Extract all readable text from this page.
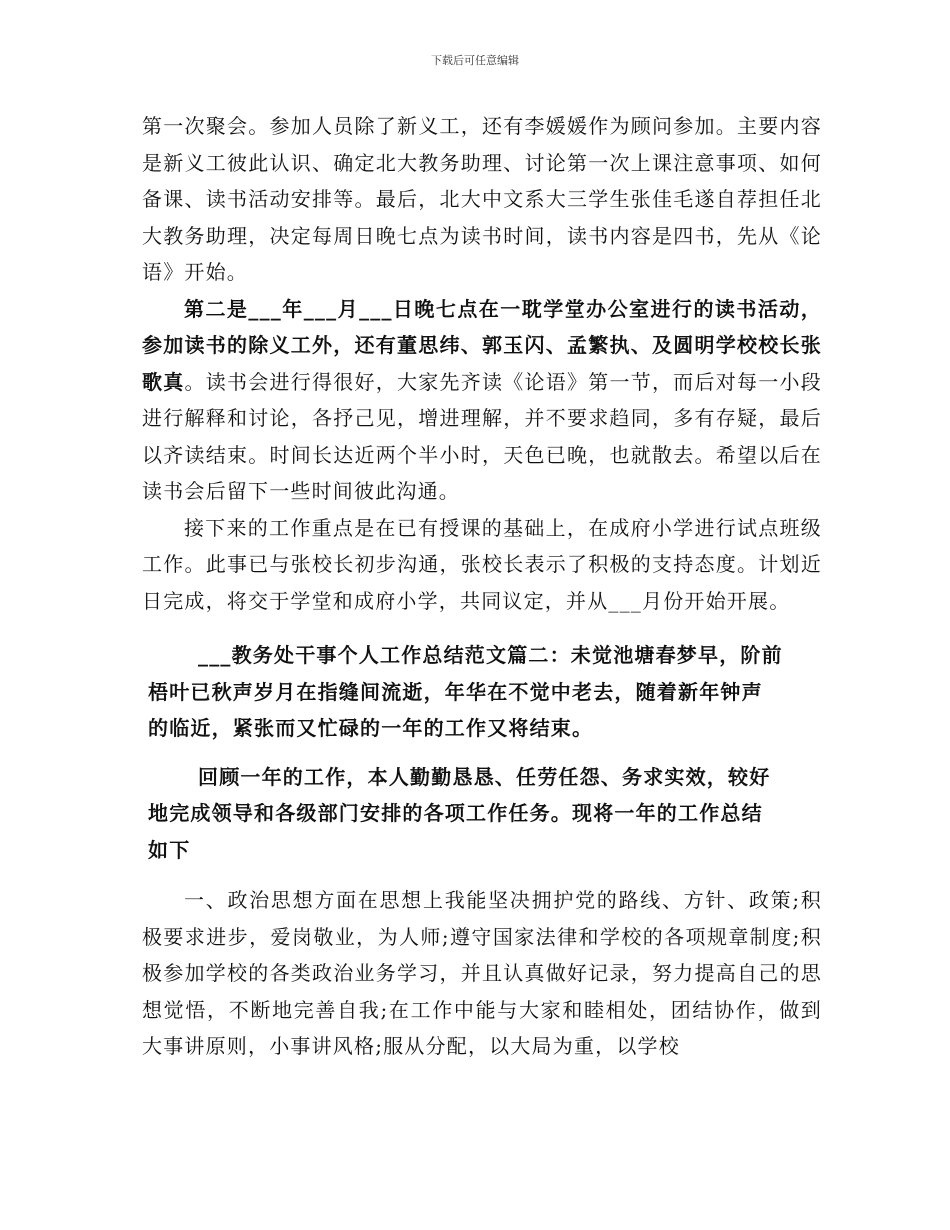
下载后可任意编辑

第一次聚会。参加人员除了新义工，还有李媛媛作为顾问参加。主要内容是新义工彼此认识、确定北大教务助理、讨论第一次上课注意事项、如何备课、读书活动安排等。最后，北大中文系大三学生张佳毛遂自荐担任北大教务助理，决定每周日晚七点为读书时间，读书内容是四书，先从《论语》开始。

第二是___年___月___日晚七点在一耽学堂办公室进行的读书活动，参加读书的除义工外，还有董思纬、郭玉闪、孟繁执、及圆明学校校长张歌真。读书会进行得很好，大家先齐读《论语》第一节，而后对每一小段进行解释和讨论，各抒己见，增进理解，并不要求趋同，多有存疑，最后以齐读结束。时间长达近两个半小时，天色已晚，也就散去。希望以后在读书会后留下一些时间彼此沟通。

接下来的工作重点是在已有授课的基础上，在成府小学进行试点班级工作。此事已与张校长初步沟通，张校长表示了积极的支持态度。计划近日完成，将交于学堂和成府小学，共同议定，并从___月份开始开展。

___教务处干事个人工作总结范文篇二：未觉池塘春梦早，阶前
梧叶已秋声岁月在指缝间流逝，年华在不觉中老去，随着新年钟声
的临近，紧张而又忙碌的一年的工作又将结束。
回顾一年的工作，本人勤勤恳恳、任劳任怨、务求实效，较好
地完成领导和各级部门安排的各项工作任务。现将一年的工作总结
如下

一、政治思想方面在思想上我能坚决拥护党的路线、方针、政策;积极要求进步，爱岗敬业，为人师;遵守国家法律和学校的各项规章制度;积极参加学校的各类政治业务学习，并且认真做好记录，努力提高自己的思想觉悟，不断地完善自我;在工作中能与大家和睦相处，团结协作，做到大事讲原则，小事讲风格;服从分配，以大局为重，以学校
